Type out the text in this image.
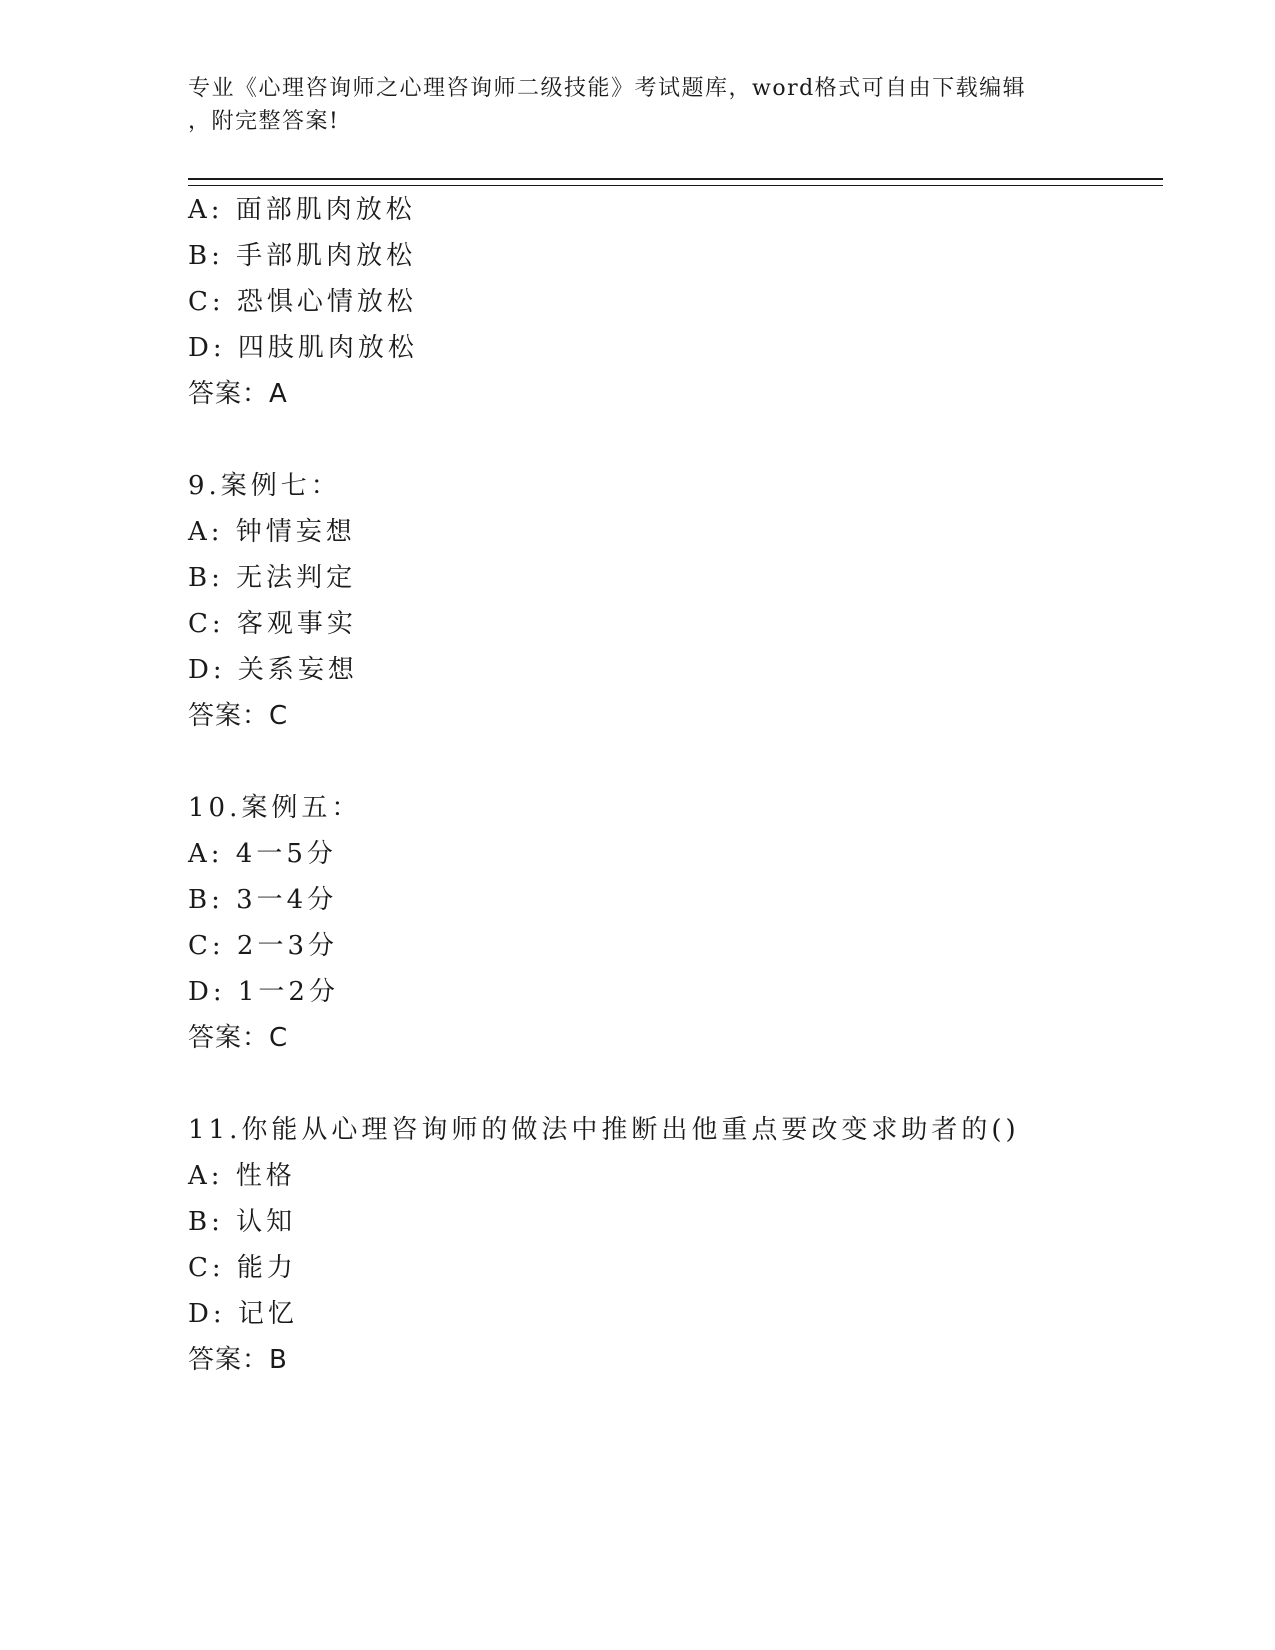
专业《心理咨询师之心理咨询师二级技能》考试题库，word格式可自由下载编辑
，附完整答案!
A: 面部肌肉放松
B: 手部肌肉放松
C: 恐惧心情放松
D: 四肢肌肉放松
答案：A
9.案例七：
A: 钟情妄想
B: 无法判定
C: 客观事实
D: 关系妄想
答案：C
10.案例五：
A: 4一5分
B: 3一4分
C: 2一3分
D: 1一2分
答案：C
11.你能从心理咨询师的做法中推断出他重点要改变求助者的()
A: 性格
B: 认知
C: 能力
D: 记忆
答案：B
